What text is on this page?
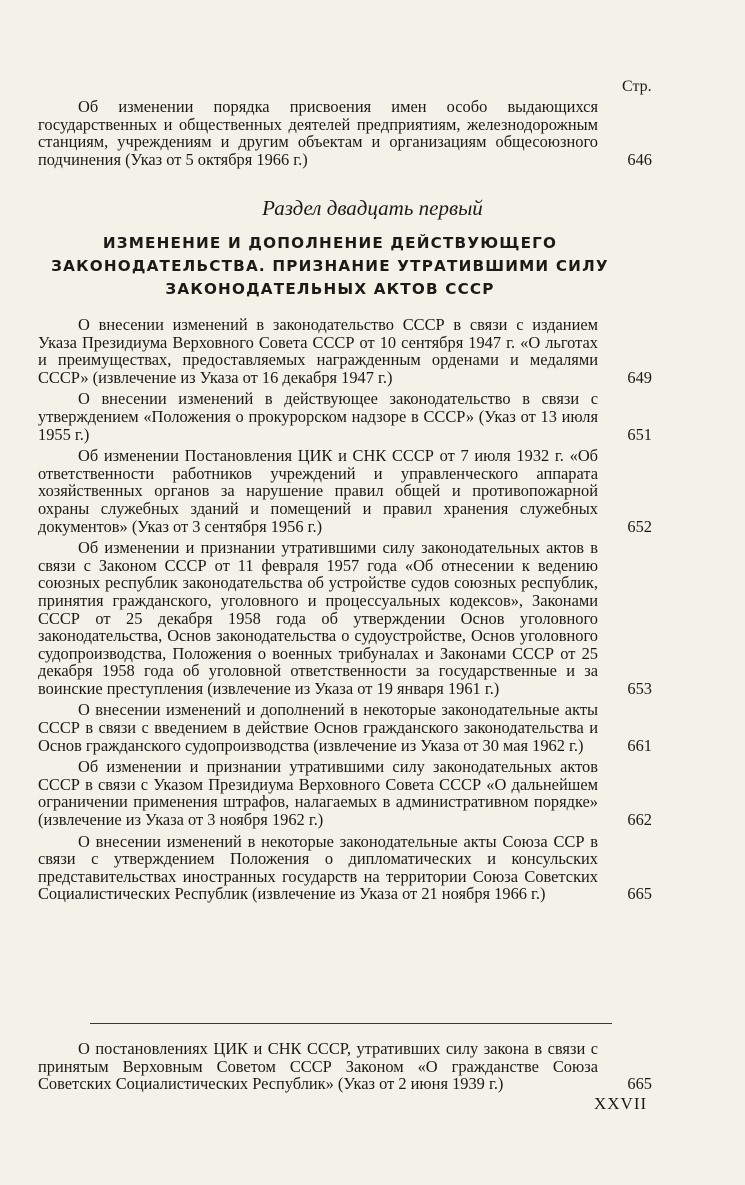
Стр.

Об изменении порядка присвоения имен особо выдающихся государственных и общественных деятелей предприятиям, железнодорожным станциям, учреждениям и другим объектам и организациям общесоюзного подчинения (Указ от 5 октября 1966 г.)	646
Раздел двадцать первый
ИЗМЕНЕНИЕ И ДОПОЛНЕНИЕ ДЕЙСТВУЮЩЕГО ЗАКОНОДАТЕЛЬСТВА. ПРИЗНАНИЕ УТРАТИВШИМИ СИЛУ ЗАКОНОДАТЕЛЬНЫХ АКТОВ СССР

О внесении изменений в законодательство СССР в связи с изданием Указа Президиума Верховного Совета СССР от 10 сентября 1947 г. «О льготах и преимуществах, предоставляемых награжденным орденами и медалями СССР» (извлечение из Указа от 16 декабря 1947 г.)	649

О внесении изменений в действующее законодательство в связи с утверждением «Положения о прокурорском надзоре в СССР» (Указ от 13 июля 1955 г.)	651

Об изменении Постановления ЦИК и СНК СССР от 7 июля 1932 г. «Об ответственности работников учреждений и управленческого аппарата хозяйственных органов за нарушение правил общей и противопожарной охраны служебных зданий и помещений и правил хранения служебных документов» (Указ от 3 сентября 1956 г.)	652

Об изменении и признании утратившими силу законодательных актов в связи с Законом СССР от 11 февраля 1957 года «Об отнесении к ведению союзных республик законодательства об устройстве судов союзных республик, принятия гражданского, уголовного и процессуальных кодексов», Законами СССР от 25 декабря 1958 года об утверждении Основ уголовного законодательства, Основ законодательства о судоустройстве, Основ уголовного судопроизводства, Положения о военных трибуналах и Законами СССР от 25 декабря 1958 года об уголовной ответственности за государственные и за воинские преступления (извлечение из Указа от 19 января 1961 г.)	653

О внесении изменений и дополнений в некоторые законодательные акты СССР в связи с введением в действие Основ гражданского законодательства и Основ гражданского судопроизводства (извлечение из Указа от 30 мая 1962 г.)	661

Об изменении и признании утратившими силу законодательных актов СССР в связи с Указом Президиума Верховного Совета СССР «О дальнейшем ограничении применения штрафов, налагаемых в административном порядке» (извлечение из Указа от 3 ноября 1962 г.)	662

О внесении изменений в некоторые законодательные акты Союза ССР в связи с утверждением Положения о дипломатических и консульских представительствах иностранных государств на территории Союза Советских Социалистических Республик (извлечение из Указа от 21 ноября 1966 г.)	665

О постановлениях ЦИК и СНК СССР, утративших силу закона в связи с принятым Верховным Советом СССР Законом «О гражданстве Союза Советских Социалистических Республик» (Указ от 2 июня 1939 г.)	665
XXVII
